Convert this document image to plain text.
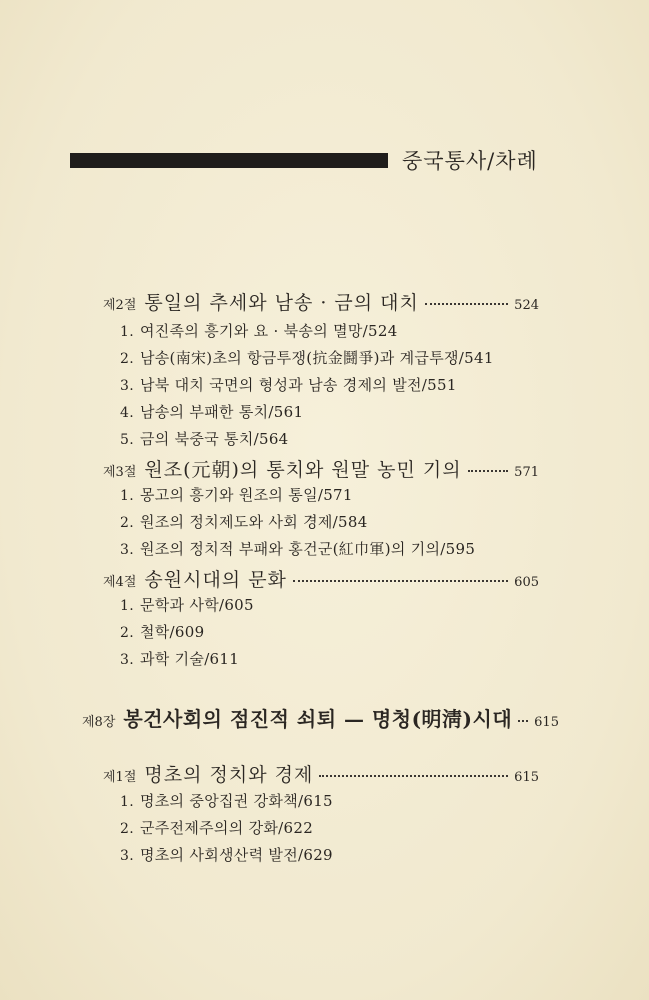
중국통사/차례
제2절 통일의 추세와 남송 · 금의 대치	524
1. 여진족의 흥기와 요 · 북송의 멸망/524
2. 남송(南宋)초의 항금투쟁(抗金鬪爭)과 계급투쟁/541
3. 남북 대치 국면의 형성과 남송 경제의 발전/551
4. 남송의 부패한 통치/561
5. 금의 북중국 통치/564
제3절 원조(元朝)의 통치와 원말 농민 기의	571
1. 몽고의 흥기와 원조의 통일/571
2. 원조의 정치제도와 사회 경제/584
3. 원조의 정치적 부패와 홍건군(紅巾軍)의 기의/595
제4절 송원시대의 문화	605
1. 문학과 사학/605
2. 철학/609
3. 과학 기술/611
제8장 봉건사회의 점진적 쇠퇴 — 명청(明淸)시대 615
제1절 명초의 정치와 경제	615
1. 명초의 중앙집권 강화책/615
2. 군주전제주의의 강화/622
3. 명초의 사회생산력 발전/629
